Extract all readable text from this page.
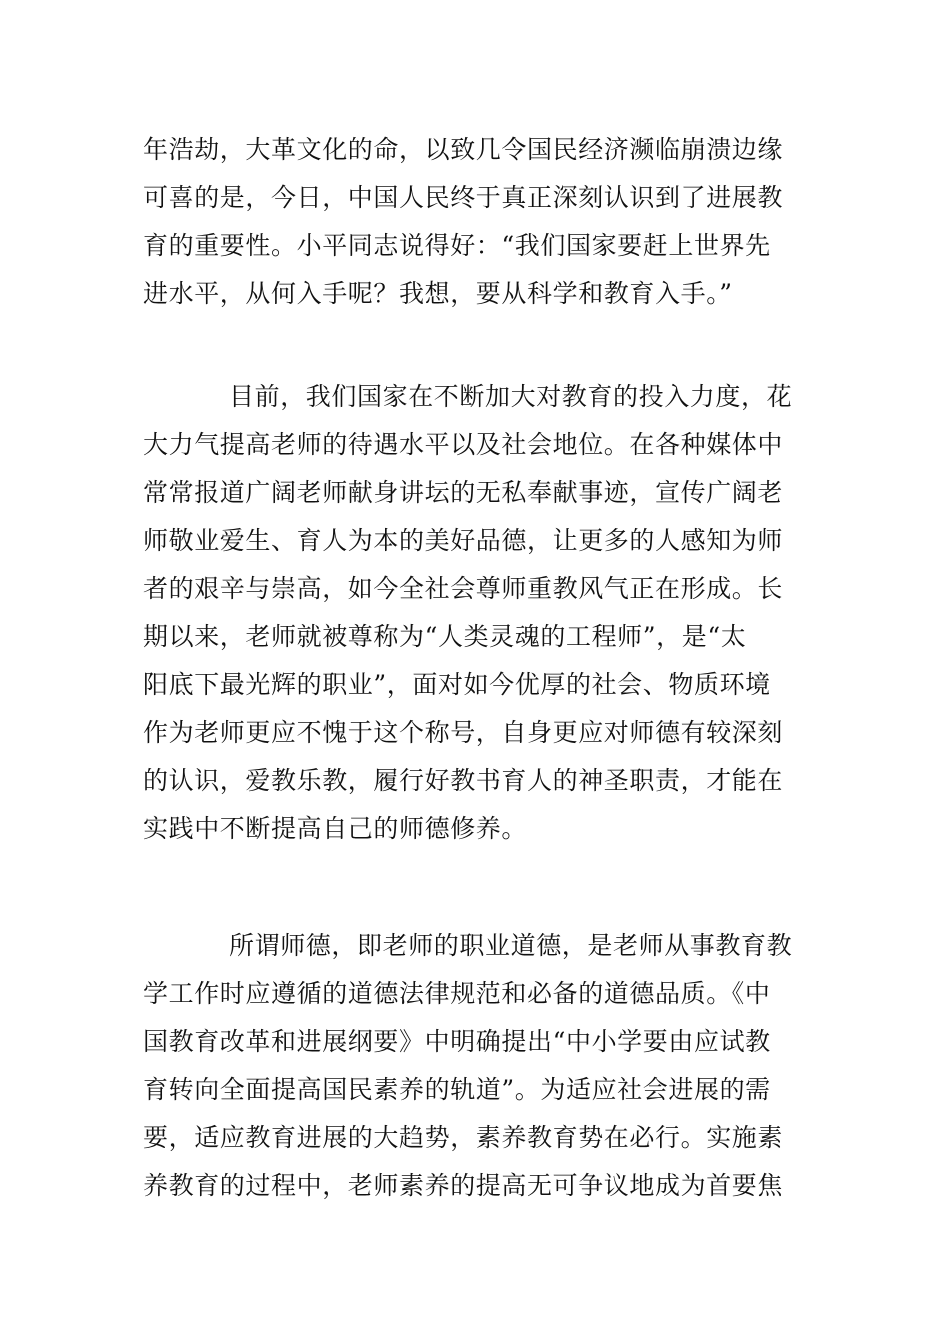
年浩劫，大革文化的命，以致几令国民经济濒临崩溃边缘
可喜的是，今日，中国人民终于真正深刻认识到了进展教
育的重要性。小平同志说得好：“我们国家要赶上世界先
进水平，从何入手呢？我想，要从科学和教育入手。”
目前，我们国家在不断加大对教育的投入力度，花
大力气提高老师的待遇水平以及社会地位。在各种媒体中
常常报道广阔老师献身讲坛的无私奉献事迹，宣传广阔老
师敬业爱生、育人为本的美好品德，让更多的人感知为师
者的艰辛与崇高，如今全社会尊师重教风气正在形成。长
期以来，老师就被尊称为“人类灵魂的工程师”，是“太
阳底下最光辉的职业”，面对如今优厚的社会、物质环境
作为老师更应不愧于这个称号，自身更应对师德有较深刻
的认识，爱教乐教，履行好教书育人的神圣职责，才能在
实践中不断提高自己的师德修养。
所谓师德，即老师的职业道德，是老师从事教育教
学工作时应遵循的道德法律规范和必备的道德品质。《中
国教育改革和进展纲要》中明确提出“中小学要由应试教
育转向全面提高国民素养的轨道”。为适应社会进展的需
要，适应教育进展的大趋势，素养教育势在必行。实施素
养教育的过程中，老师素养的提高无可争议地成为首要焦
